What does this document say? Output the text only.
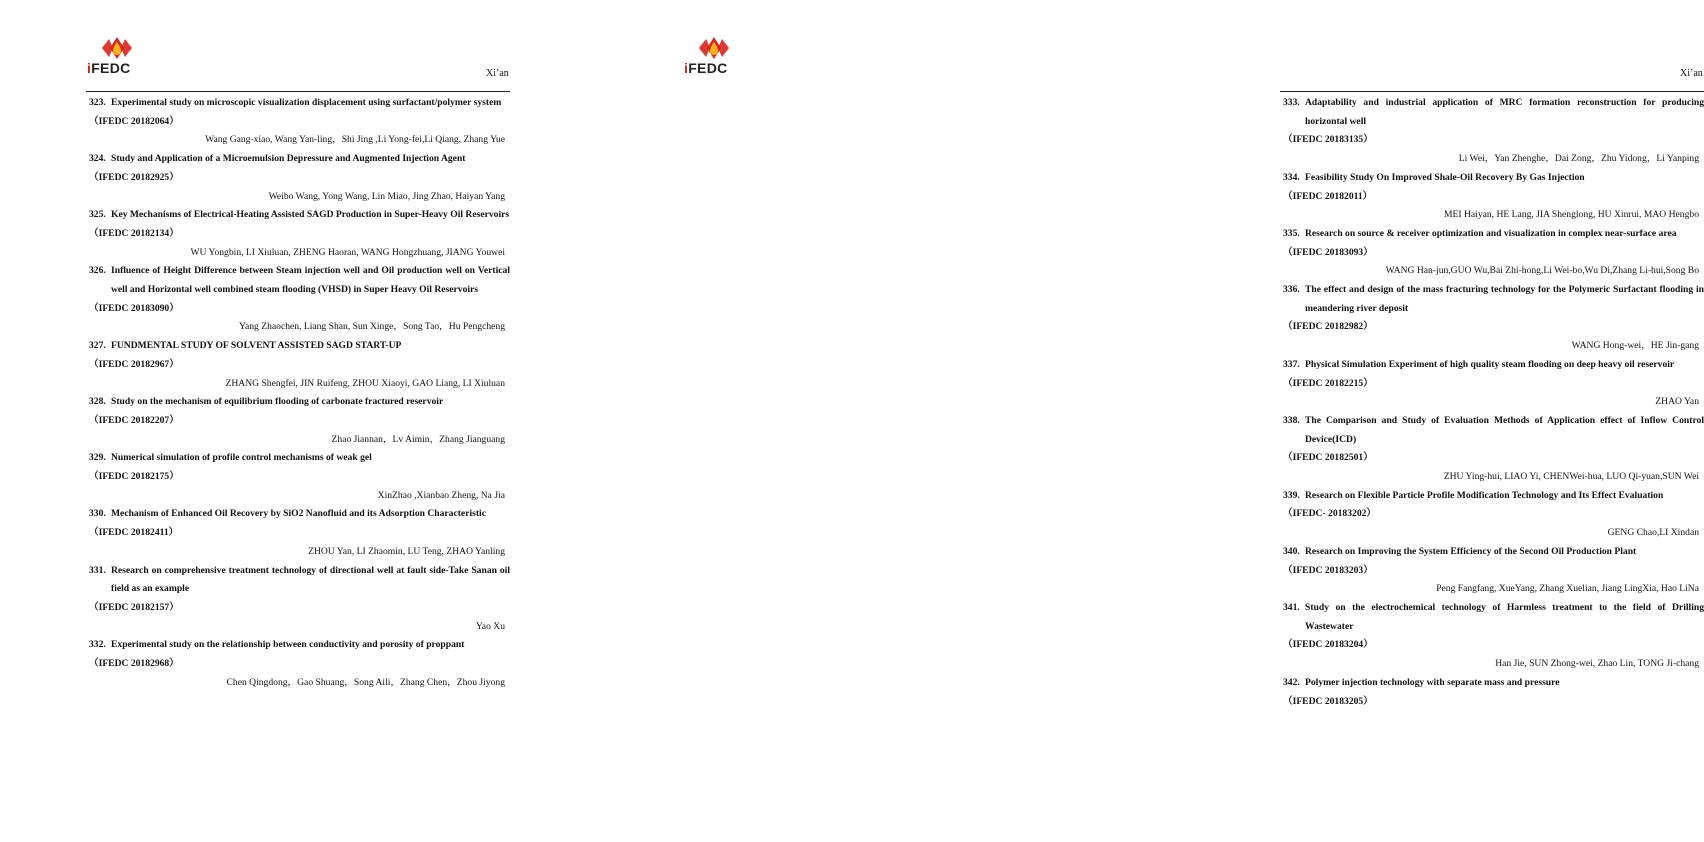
iFEDC	Xi’an

323. Experimental study on microscopic visualization displacement using surfactant/polymer system

（IFEDC 20182064）

Wang Gang-xiao, Wang Yan-ling，Shi Jing ,Li Yong-fei,Li Qiang, Zhang Yue

324. Study and Application of a Microemulsion Depressure and Augmented Injection Agent

（IFEDC 20182925）

Weibo Wang, Yong Wang, Lin Miao, Jing Zhao, Haiyan Yang

325. Key Mechanisms of Electrical-Heating Assisted SAGD Production in Super-Heavy Oil Reservoirs

（IFEDC 20182134）

WU Yongbin, LI Xiuluan, ZHENG Haoran, WANG Hongzhuang, JIANG Youwei

326. Influence of Height Difference between Steam injection well and Oil production well on Vertical well and Horizontal well combined steam flooding (VHSD) in Super Heavy Oil Reservoirs

（IFEDC 20183090）

Yang Zhaochen, Liang Shan, Sun Xinge，Song Tao，Hu Pengcheng

327. FUNDMENTAL STUDY OF SOLVENT ASSISTED SAGD START-UP

（IFEDC 20182967）

ZHANG Shengfei, JIN Ruifeng, ZHOU Xiaoyi, GAO Liang, LI Xiuluan

328. Study on the mechanism of equilibrium flooding of carbonate fractured reservoir

（IFEDC 20182207）

Zhao Jiannan，Lv Aimin，Zhang Jianguang

329. Numerical simulation of profile control mechanisms of weak gel

（IFEDC 20182175）

XinZhao ,Xianbao Zheng, Na Jia

330. Mechanism of Enhanced Oil Recovery by SiO2 Nanofluid and its Adsorption Characteristic

（IFEDC 20182411）

ZHOU Yan, LI Zhaomin, LU Teng, ZHAO Yanling

331. Research on comprehensive treatment technology of directional well at fault side-Take Sanan oil field as an example

（IFEDC 20182157）

Yao Xu

332. Experimental study on the relationship between conductivity and porosity of proppant

（IFEDC 20182968）

Chen Qingdong，Gao Shuang，Song Aili，Zhang Chen，Zhou Jiyong

Xi’an

333. Adaptability and industrial application of MRC formation reconstruction for producing horizontal well

（IFEDC 20183135）

Li Wei，Yan Zhenghe，Dai Zong，Zhu Yidong，Li Yanping

334. Feasibility Study On Improved Shale-Oil Recovery By Gas Injection

（IFEDC 20182011）

MEI Haiyan, HE Lang, JIA Shenglong, HU Xinrui, MAO Hengbo

335. Research on source & receiver optimization and visualization in complex near-surface area

（IFEDC 20183093）

WANG Han-jun,GUO Wu,Bai Zhi-hong,Li Wei-bo,Wu Di,Zhang Li-hui,Song Bo

336. The effect and design of the mass fracturing technology for the Polymeric Surfactant flooding in meandering river deposit

（IFEDC 20182982）

WANG Hong-wei，HE Jin-gang

337. Physical Simulation Experiment of high quality steam flooding on deep heavy oil reservoir

（IFEDC 20182215）

ZHAO Yan

338. The Comparison and Study of Evaluation Methods of Application effect of Inflow Control Device(ICD)

（IFEDC 20182501）

ZHU Ying-hui, LIAO Yi, CHENWei-hua, LUO Qi-yuan,SUN Wei

339. Research on Flexible Particle Profile Modification Technology and Its Effect Evaluation

（IFEDC- 20183202）

GENG Chao,LI Xindan

340. Research on Improving the System Efficiency of the Second Oil Production Plant

（IFEDC 20183203）

Peng Fangfang, XueYang, Zhang Xuelian, Jiang LingXia, Hao LiNa

341. Study on the electrochemical technology of Harmless treatment to the field of Drilling Wastewater

（IFEDC 20183204）

Han Jie, SUN Zhong-wei, Zhao Lin, TONG Ji-chang

342. Polymer injection technology with separate mass and pressure

（IFEDC 20183205）

iFEDC
